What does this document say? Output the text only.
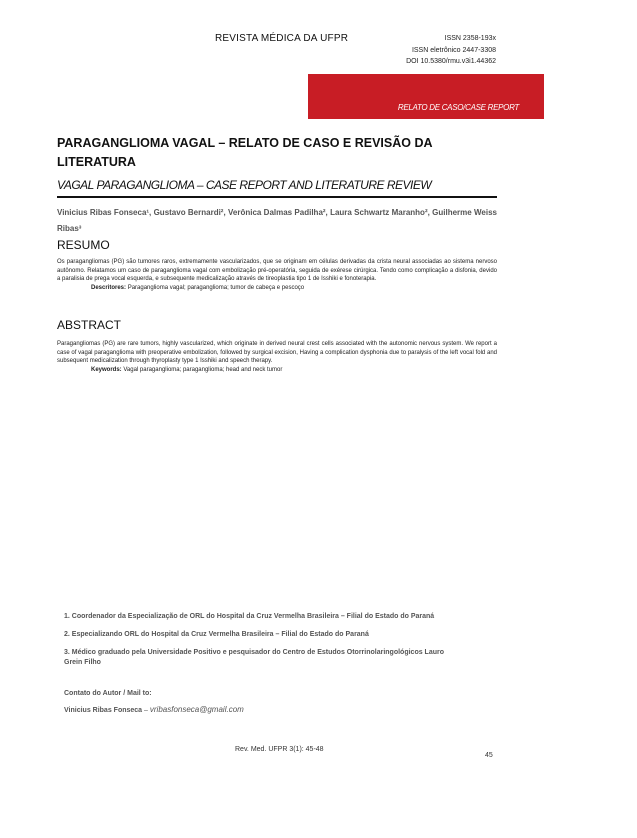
REVISTA MÉDICA DA UFPR	ISSN 2358-193x
ISSN eletrônico 2447-3308
DOI 10.5380/rmu.v3i1.44362
RELATO DE CASO/CASE REPORT
PARAGANGLIOMA VAGAL – RELATO DE CASO E REVISÃO DA LITERATURA
VAGAL PARAGANGLIOMA – CASE REPORT AND LITERATURE REVIEW
Vinicius Ribas Fonseca¹, Gustavo Bernardi², Verônica Dalmas Padilha², Laura Schwartz Maranho², Guilherme Weiss Ribas³
RESUMO
Os paragangliomas (PG) são tumores raros, extremamente vascularizados, que se originam em células derivadas da crista neural associadas ao sistema nervoso autônomo. Relatamos um caso de paraganglioma vagal com embolização pré-operatória, seguida de exérese cirúrgica. Tendo como complicação a disfonia, devido a paralisia de prega vocal esquerda, e subsequente medicalização através de tireoplastia tipo 1 de Isshiki e fonoterapia.
Descritores: Paraganglioma vagal; paraganglioma; tumor de cabeça e pescoço
ABSTRACT
Paragangliomas (PG) are rare tumors, highly vascularized, which originate in derived neural crest cells associated with the autonomic nervous system. We report a case of vagal paraganglioma with preoperative embolization, followed by surgical excision, Having a complication dysphonia due to paralysis of the left vocal fold and subsequent medicalization through thyroplasty type 1 Isshiki and speech therapy.
Keywords: Vagal paraganglioma; paraganglioma; head and neck tumor
1. Coordenador da Especialização de ORL do Hospital da Cruz Vermelha Brasileira – Filial do Estado do Paraná
2. Especializando ORL do Hospital da Cruz Vermelha Brasileira – Filial do Estado do Paraná
3. Médico graduado pela Universidade Positivo e pesquisador do Centro de Estudos Otorrinolaringológicos Lauro Grein Filho
Contato do Autor / Mail to:
Vinicius Ribas Fonseca – vribasfonseca@gmail.com
Rev. Med. UFPR 3(1): 45-48
45
